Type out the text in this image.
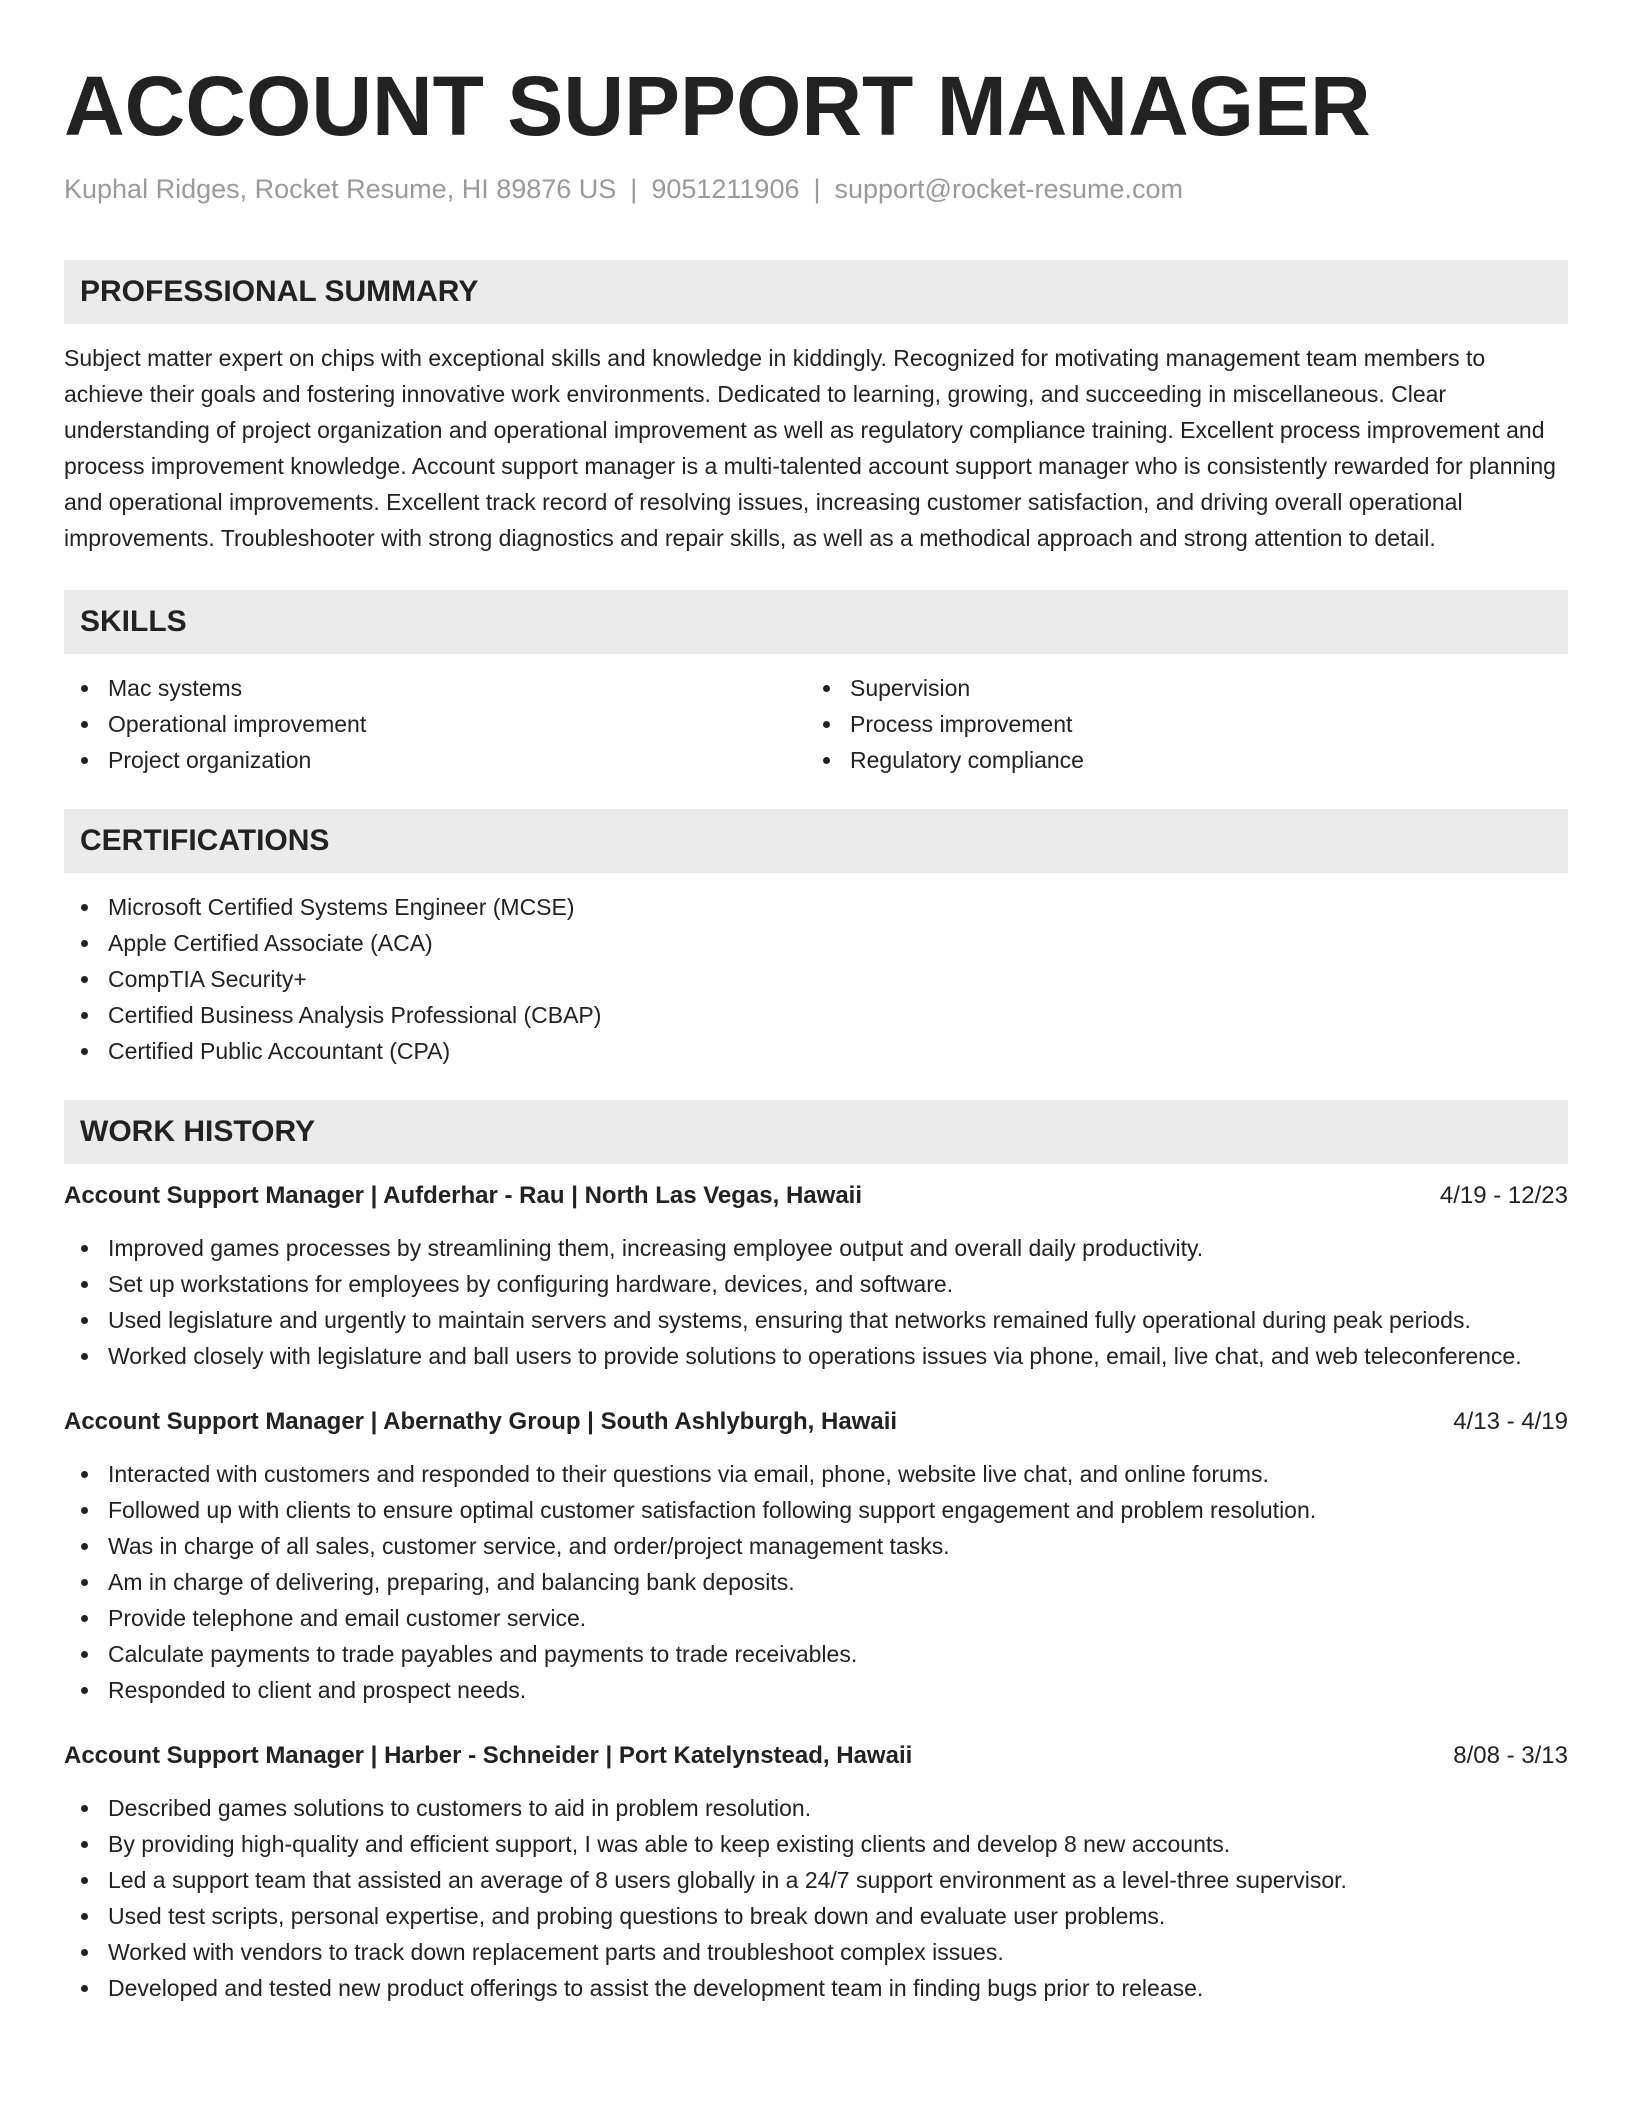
ACCOUNT SUPPORT MANAGER
Kuphal Ridges, Rocket Resume, HI 89876 US | 9051211906 | support@rocket-resume.com
PROFESSIONAL SUMMARY

Subject matter expert on chips with exceptional skills and knowledge in kiddingly. Recognized for motivating management team members to achieve their goals and fostering innovative work environments. Dedicated to learning, growing, and succeeding in miscellaneous. Clear understanding of project organization and operational improvement as well as regulatory compliance training. Excellent process improvement and process improvement knowledge. Account support manager is a multi-talented account support manager who is consistently rewarded for planning and operational improvements. Excellent track record of resolving issues, increasing customer satisfaction, and driving overall operational improvements. Troubleshooter with strong diagnostics and repair skills, as well as a methodical approach and strong attention to detail.

SKILLS
Mac systems
Operational improvement
Project organization
Supervision
Process improvement
Regulatory compliance
CERTIFICATIONS
Microsoft Certified Systems Engineer (MCSE)
Apple Certified Associate (ACA)
CompTIA Security+
Certified Business Analysis Professional (CBAP)
Certified Public Accountant (CPA)
WORK HISTORY
Account Support Manager | Aufderhar - Rau | North Las Vegas, Hawaii	4/19 - 12/23
Improved games processes by streamlining them, increasing employee output and overall daily productivity.
Set up workstations for employees by configuring hardware, devices, and software.
Used legislature and urgently to maintain servers and systems, ensuring that networks remained fully operational during peak periods.
Worked closely with legislature and ball users to provide solutions to operations issues via phone, email, live chat, and web teleconference.
Account Support Manager | Abernathy Group | South Ashlyburgh, Hawaii	4/13 - 4/19
Interacted with customers and responded to their questions via email, phone, website live chat, and online forums.
Followed up with clients to ensure optimal customer satisfaction following support engagement and problem resolution.
Was in charge of all sales, customer service, and order/project management tasks.
Am in charge of delivering, preparing, and balancing bank deposits.
Provide telephone and email customer service.
Calculate payments to trade payables and payments to trade receivables.
Responded to client and prospect needs.
Account Support Manager | Harber - Schneider | Port Katelynstead, Hawaii	8/08 - 3/13
Described games solutions to customers to aid in problem resolution.
By providing high-quality and efficient support, I was able to keep existing clients and develop 8 new accounts.
Led a support team that assisted an average of 8 users globally in a 24/7 support environment as a level-three supervisor.
Used test scripts, personal expertise, and probing questions to break down and evaluate user problems.
Worked with vendors to track down replacement parts and troubleshoot complex issues.
Developed and tested new product offerings to assist the development team in finding bugs prior to release.
